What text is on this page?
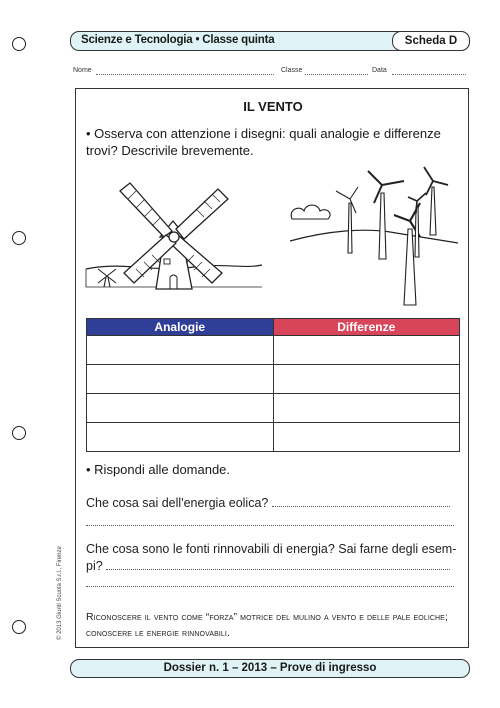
Scienze e Tecnologia • Classe quinta	Scheda D
Nome	Classe	Data
© 2013 Giunti Scuola S.r.l., Firenze
IL VENTO
• Osserva con attenzione i disegni: quali analogie e differenze trovi? Descrivile brevemente.
Analogie	Differenze
• Rispondi alle domande.
Che cosa sai dell'energia eolica?
Che cosa sono le fonti rinnovabili di energia? Sai farne degli esem-
pi?
Riconoscere il vento come “forza” motrice del mulino a vento e delle pale eoliche; conoscere le energie rinnovabili.
Dossier n. 1 – 2013 – Prove di ingresso
